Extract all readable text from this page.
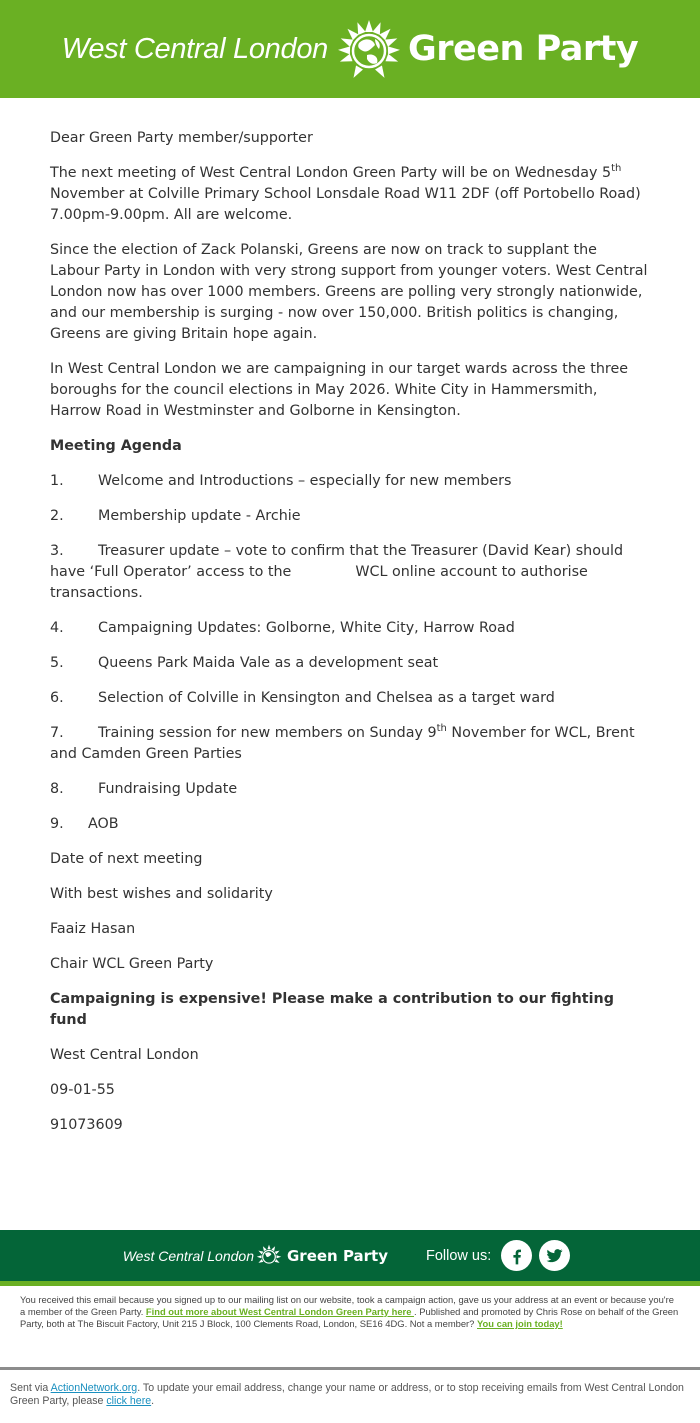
West Central London Green Party

Dear Green Party member/supporter

The next meeting of West Central London Green Party will be on Wednesday 5th November at Colville Primary School Lonsdale Road W11 2DF (off Portobello Road) 7.00pm-9.00pm. All are welcome.

Since the election of Zack Polanski, Greens are now on track to supplant the Labour Party in London with very strong support from younger voters. West Central London now has over 1000 members. Greens are polling very strongly nationwide, and our membership is surging - now over 150,000. British politics is changing, Greens are giving Britain hope again.

In West Central London we are campaigning in our target wards across the three boroughs for the council elections in May 2026. White City in Hammersmith, Harrow Road in Westminster and Golborne in Kensington.

Meeting Agenda

1. Welcome and Introductions – especially for new members

2. Membership update - Archie

3. Treasurer update – vote to confirm that the Treasurer (David Kear) should have ‘Full Operator’ access to the	WCL online account to authorise transactions.

4. Campaigning Updates: Golborne, White City, Harrow Road

5. Queens Park Maida Vale as a development seat

6. Selection of Colville in Kensington and Chelsea as a target ward

7. Training session for new members on Sunday 9th November for WCL, Brent and Camden Green Parties

8. Fundraising Update

9. AOB

Date of next meeting

With best wishes and solidarity

Faaiz Hasan

Chair WCL Green Party

Campaigning is expensive! Please make a contribution to our fighting fund

West Central London

09-01-55

91073609

West Central London Green Party	Follow us:
You received this email because you signed up to our mailing list on our website, took a campaign action, gave us your address at an event or because you're a member of the Green Party. Find out more about West Central London Green Party here . Published and promoted by Chris Rose on behalf of the Green Party, both at The Biscuit Factory, Unit 215 J Block, 100 Clements Road, London, SE16 4DG. Not a member? You can join today!
Sent via ActionNetwork.org. To update your email address, change your name or address, or to stop receiving emails from West Central London Green Party, please click here.
